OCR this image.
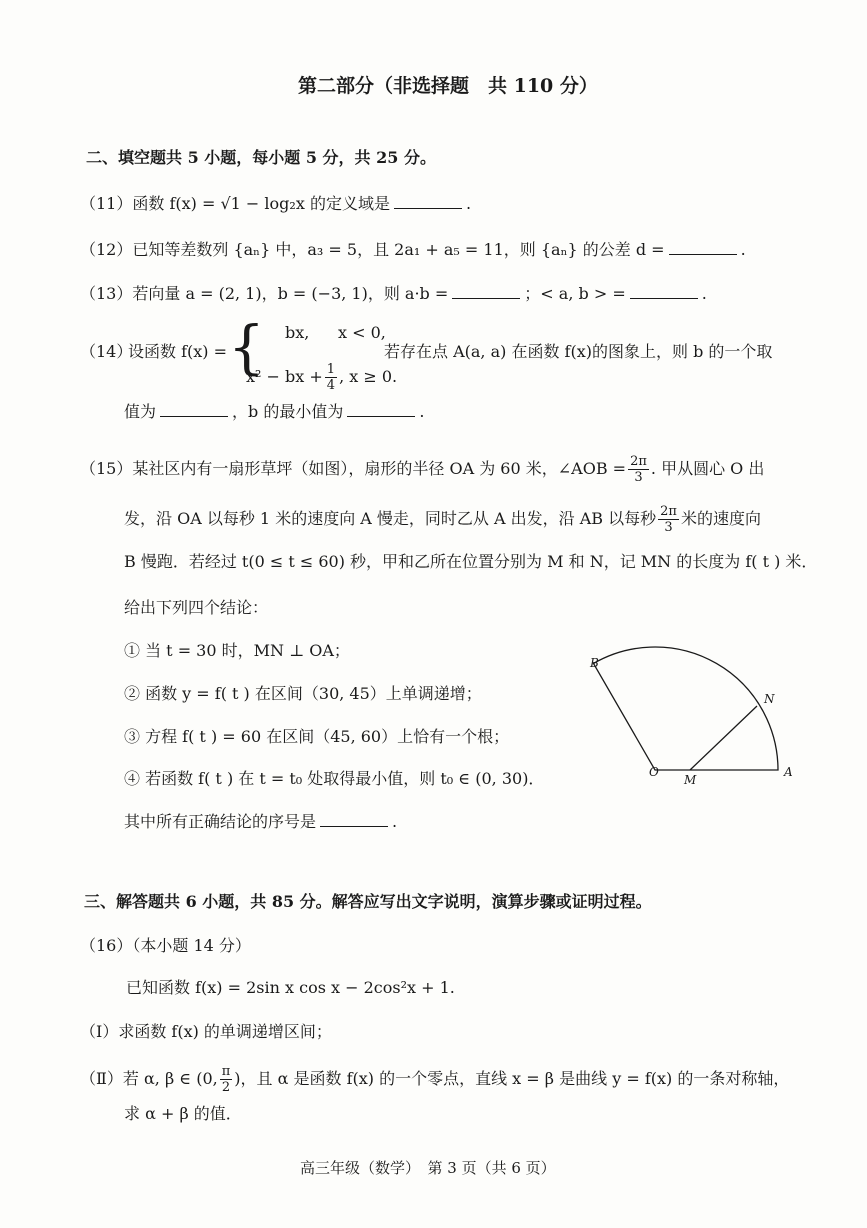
第二部分（非选择题　共 110 分）
二、填空题共 5 小题，每小题 5 分，共 25 分。
（11）函数 f(x) = √1 − log₂x 的定义域是	.
（12）已知等差数列 {aₙ} 中，a₃ = 5，且 2a₁ + a₅ = 11，则 {aₙ} 的公差 d =	.
（13）若向量 a = (2, 1)，b = (−3, 1)，则 a·b =	；< a, b > =	.
（14）
设函数 f(x) = { bx, x < 0,
x² − bx + $\frac{1}{4}$ , x ≥ 0.
若存在点 A(a, a) 在函数 f(x)的图象上，则 b 的一个取
值为	，b 的最小值为	.
（15）某社区内有一扇形草坪（如图），扇形的半径 OA 为 60 米，∠AOB = $\frac{2\pi}{3}$ . 甲从圆心 O 出
发，沿 OA 以每秒 1 米的速度向 A 慢走，同时乙从 A 出发，沿 AB 以每秒 $\frac{2\pi}{3}$ 米的速度向
B 慢跑．若经过 t(0 ≤ t ≤ 60) 秒，甲和乙所在位置分别为 M 和 N，记 MN 的长度为 f( t ) 米．
给出下列四个结论：
① 当 t = 30 时，MN ⊥ OA；
② 函数 y = f( t ) 在区间（30, 45）上单调递增；
③ 方程 f( t ) = 60 在区间（45, 60）上恰有一个根；
④ 若函数 f( t ) 在 t = t₀ 处取得最小值，则 t₀ ∈ (0, 30)．
其中所有正确结论的序号是	.
B
N
O
M
A
三、解答题共 6 小题，共 85 分。解答应写出文字说明，演算步骤或证明过程。
（16）（本小题 14 分）
已知函数 f(x) = 2sin x cos x − 2cos²x + 1.
（Ⅰ）求函数 f(x) 的单调递增区间；
（Ⅱ）若 α, β ∈ (0, $\frac{\pi}{2}$ )，且 α 是函数 f(x) 的一个零点，直线 x = β 是曲线 y = f(x) 的一条对称轴，
求 α + β 的值．
高三年级（数学）　第 3 页（共 6 页）
